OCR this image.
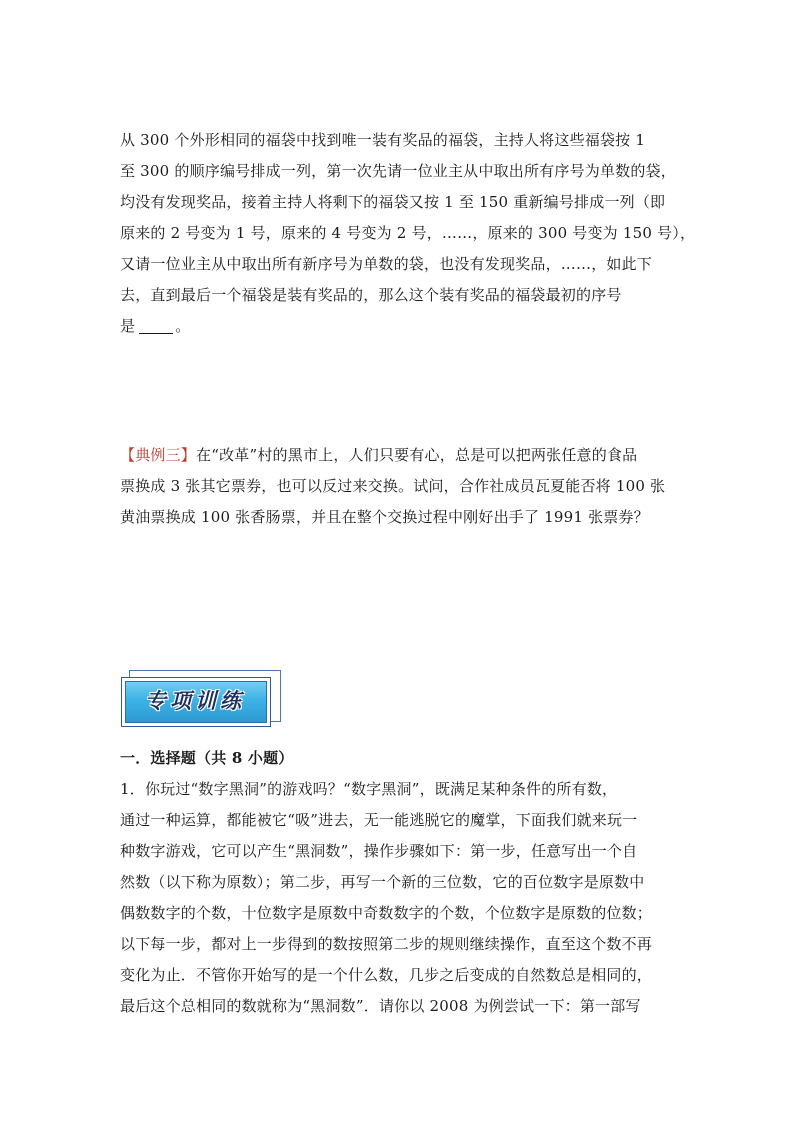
从 300 个外形相同的福袋中找到唯一装有奖品的福袋，主持人将这些福袋按 1
至 300 的顺序编号排成一列，第一次先请一位业主从中取出所有序号为单数的袋，
均没有发现奖品，接着主持人将剩下的福袋又按 1 至 150 重新编号排成一列（即
原来的 2 号变为 1 号，原来的 4 号变为 2 号，……，原来的 300 号变为 150 号），
又请一位业主从中取出所有新序号为单数的袋，也没有发现奖品，……，如此下
去，直到最后一个福袋是装有奖品的，那么这个装有奖品的福袋最初的序号
是	。
【典例三】在“改革”村的黑市上，人们只要有心，总是可以把两张任意的食品
票换成 3 张其它票券，也可以反过来交换。试问，合作社成员瓦夏能否将 100 张
黄油票换成 100 张香肠票，并且在整个交换过程中刚好出手了 1991 张票券？
专项训练
一．选择题（共 8 小题）
1．你玩过“数字黑洞”的游戏吗？“数字黑洞”，既满足某种条件的所有数，
通过一种运算，都能被它“吸”进去，无一能逃脱它的魔掌，下面我们就来玩一
种数字游戏，它可以产生“黑洞数”，操作步骤如下：第一步，任意写出一个自
然数（以下称为原数）；第二步，再写一个新的三位数，它的百位数字是原数中
偶数数字的个数，十位数字是原数中奇数数字的个数，个位数字是原数的位数；
以下每一步，都对上一步得到的数按照第二步的规则继续操作，直至这个数不再
变化为止．不管你开始写的是一个什么数，几步之后变成的自然数总是相同的，
最后这个总相同的数就称为“黑洞数”．请你以 2008 为例尝试一下：第一部写
